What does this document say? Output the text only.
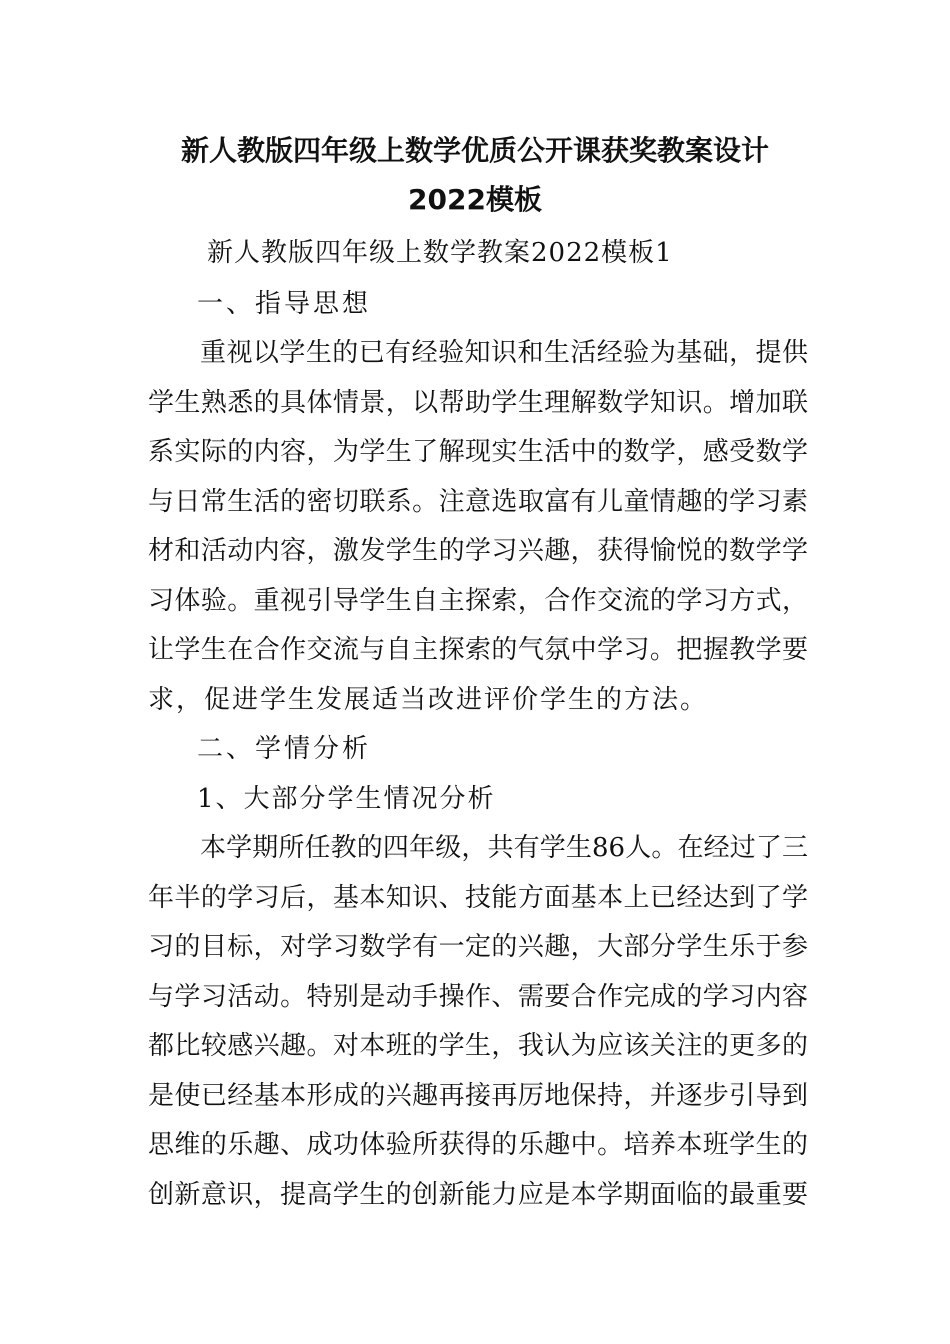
新人教版四年级上数学优质公开课获奖教案设计
2022模板
新人教版四年级上数学教案2022模板1
一、指导思想
重视以学生的已有经验知识和生活经验为基础，提供
学生熟悉的具体情景，以帮助学生理解数学知识。增加联
系实际的内容，为学生了解现实生活中的数学，感受数学
与日常生活的密切联系。注意选取富有儿童情趣的学习素
材和活动内容，激发学生的学习兴趣，获得愉悦的数学学
习体验。重视引导学生自主探索，合作交流的学习方式，
让学生在合作交流与自主探索的气氛中学习。把握教学要
求，促进学生发展适当改进评价学生的方法。
二、学情分析
1、大部分学生情况分析
本学期所任教的四年级，共有学生86人。在经过了三
年半的学习后，基本知识、技能方面基本上已经达到了学
习的目标，对学习数学有一定的兴趣，大部分学生乐于参
与学习活动。特别是动手操作、需要合作完成的学习内容
都比较感兴趣。对本班的学生，我认为应该关注的更多的
是使已经基本形成的兴趣再接再厉地保持，并逐步引导到
思维的乐趣、成功体验所获得的乐趣中。培养本班学生的
创新意识，提高学生的创新能力应是本学期面临的最重要
